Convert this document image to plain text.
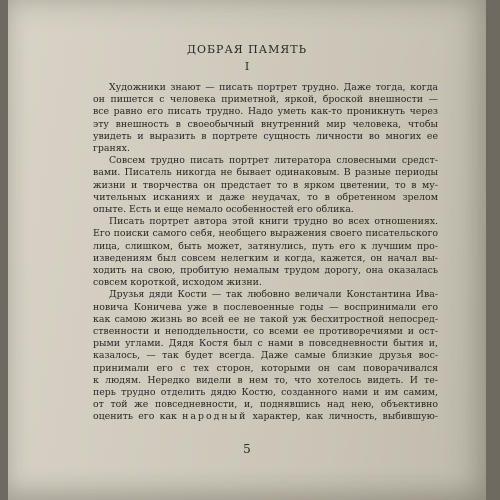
ДОБРАЯ ПАМЯТЬ
I
Художники знают — писать портрет трудно. Даже тогда, когда
он пишется с человека приметной, яркой, броской внешности —
все равно его писать трудно. Надо уметь как-то проникнуть через
эту внешность в своеобычный внутренний мир человека, чтобы
увидеть и выразить в портрете сущность личности во многих ее
гранях.
Совсем трудно писать портрет литератора словесными средст-
вами. Писатель никогда не бывает одинаковым. В разные периоды
жизни и творчества он предстает то в ярком цветении, то в му-
чительных исканиях и даже неудачах, то в обретенном зрелом
опыте. Есть и еще немало особенностей его облика.
Писать портрет автора этой книги трудно во всех отношениях.
Его поиски самого себя, необщего выражения своего писательского
лица, слишком, быть может, затянулись, путь его к лучшим про-
изведениям был совсем нелегким и когда, кажется, он начал вы-
ходить на свою, пробитую немалым трудом дорогу, она оказалась
совсем короткой, исходом жизни.
Друзья дяди Кости — так любовно величали Константина Ива-
новича Коничева уже в послевоенные годы — воспринимали его
как самою жизнь во всей ее не такой уж бесхитростной непосред-
ственности и неподдельности, со всеми ее противоречиями и ост-
рыми углами. Дядя Костя был с нами в повседневности бытия и,
казалось, — так будет всегда. Даже самые близкие друзья вос-
принимали его с тех сторон, которыми он сам поворачивался
к людям. Нередко видели в нем то, что хотелось видеть. И те-
перь трудно отделить дядю Костю, созданного нами и им самим,
от той же повседневности, и, поднявшись над нею, объективно
оценить его как народный характер, как личность, выбившую-
5
